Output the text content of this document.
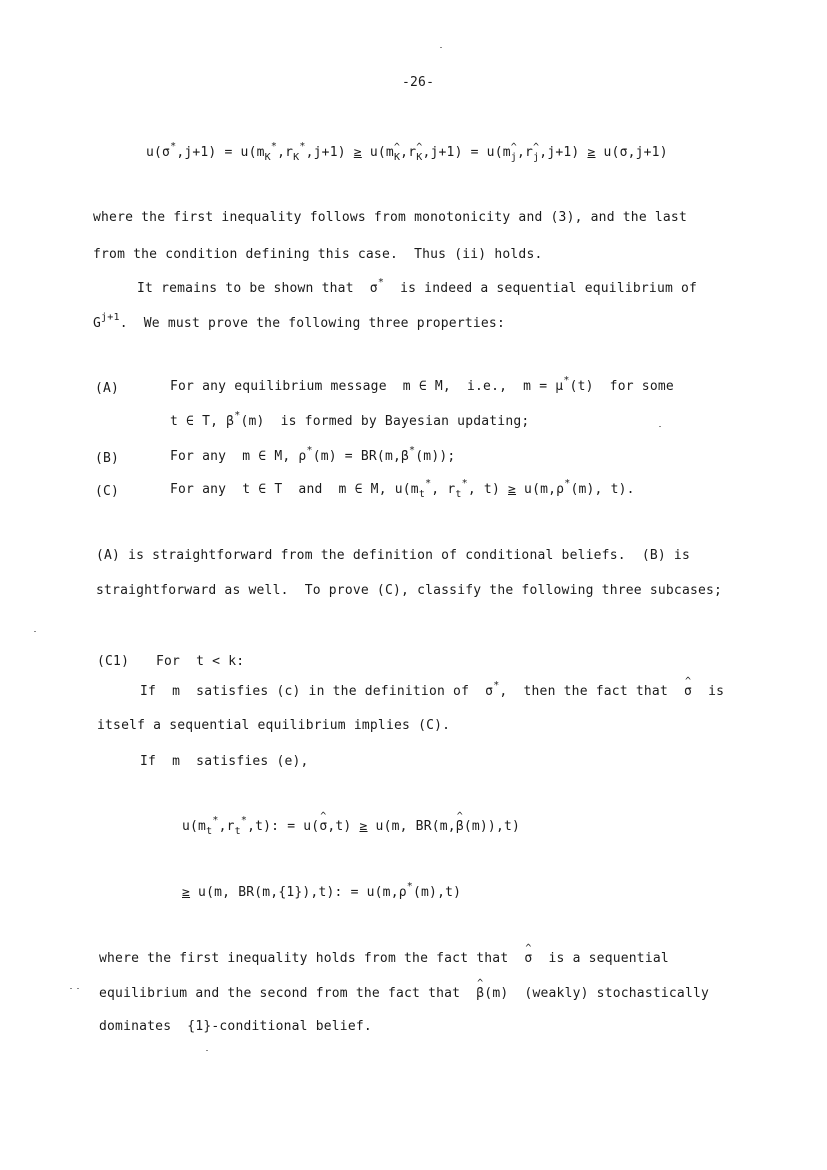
-26-
$u(\sigma^*,j+1) = u(m_K^*,r_K^*,j+1) \ge u(m_K,r_K,j+1) = u(m_j,r_j,j+1) \ge u(\sigma,j+1)$
where the first inequality follows from monotonicity and (3), and the last
from the condition defining this case.  Thus (ii) holds.
It remains to be shown that  σ*  is indeed a sequential equilibrium of
$G^{j+1}$.  We must prove the following three properties:
(A)	For any equilibrium message  m ∈ M,  i.e.,  m = μ*(t)  for some
t ∈ T, β*(m)  is formed by Bayesian updating;
(B)	For any  m ∈ M, ρ*(m) = BR(m,β*(m));
(C)	For any  t ∈ T  and  m ∈ M, $u(m_t^*$, $r_t^*$, t) ≥ u(m,ρ*(m), t).
(A) is straightforward from the definition of conditional beliefs.  (B) is
straightforward as well.  To prove (C), classify the following three subcases;
(C1) For  t < k:
If  m  satisfies (c) in the definition of  σ*,  then the fact that  ^ σ  is
itself a sequential equilibrium implies (C).
If  m  satisfies (e),
$u(m_t^*,r_t^*,t)$: = u(^ σ,t) ≥ u(m, BR(m,^ β(m)),t)
≥ u(m, BR(m,{1}),t): = u(m,ρ*(m),t)
where the first inequality holds from the fact that  ^ σ  is a sequential
equilibrium and the second from the fact that  ^ β(m)  (weakly) stochastically
dominates  {1}-conditional belief.
